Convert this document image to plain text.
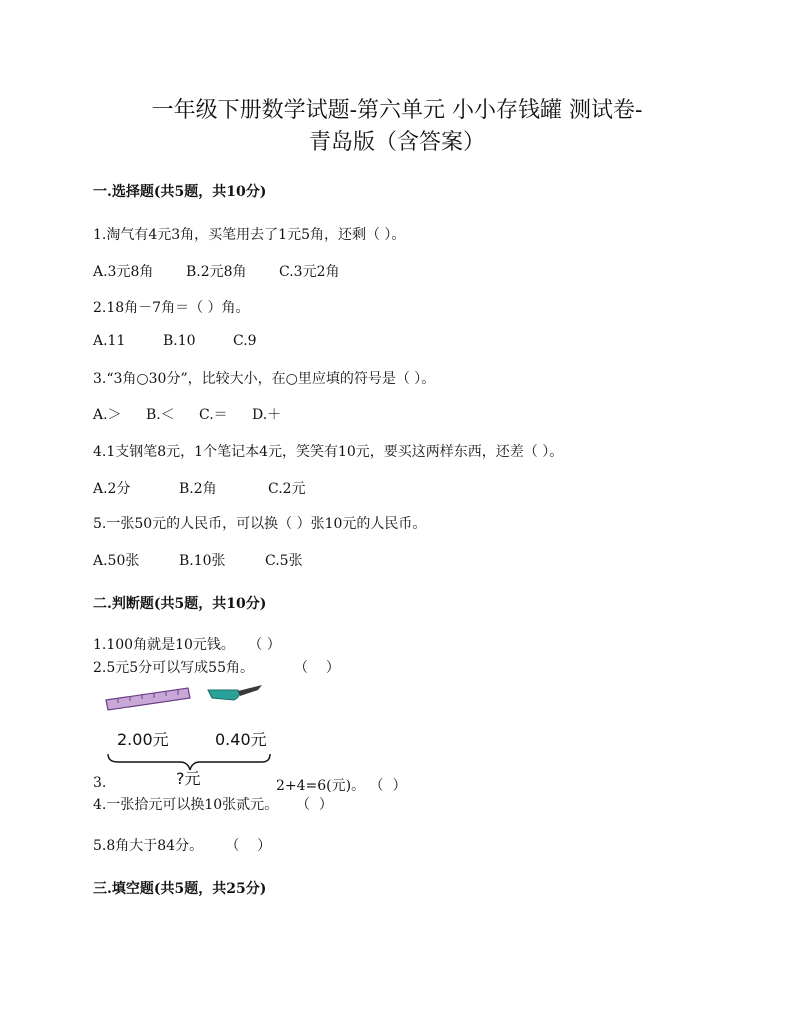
一年级下册数学试题-第六单元 小小存钱罐 测试卷-
青岛版（含答案）
一.选择题(共5题，共10分)
1.淘气有4元3角，买笔用去了1元5角，还剩（ ）。
A.3元8角	B.2元8角	C.3元2角
2.18角－7角＝（ ）角。
A.11	B.10	C.9
3.“3角○30分”，比较大小，在○里应填的符号是（ ）。
A.＞	B.＜	C.＝	D.＋
4.1支钢笔8元，1个笔记本4元，笑笑有10元，要买这两样东西，还差（ ）。
A.2分	B.2角	C.2元
5.一张50元的人民币，可以换（ ）张10元的人民币。
A.50张	B.10张	C.5张
二.判断题(共5题，共10分)
1.100角就是10元钱。   （ ）
2.5元5分可以写成55角。         （    ）
2.00元	0.40元
?元
3.	2+4=6(元)。 （  ）
4.一张拾元可以换10张贰元。    （  ）
5.8角大于84分。     （    ）
三.填空题(共5题，共25分)
